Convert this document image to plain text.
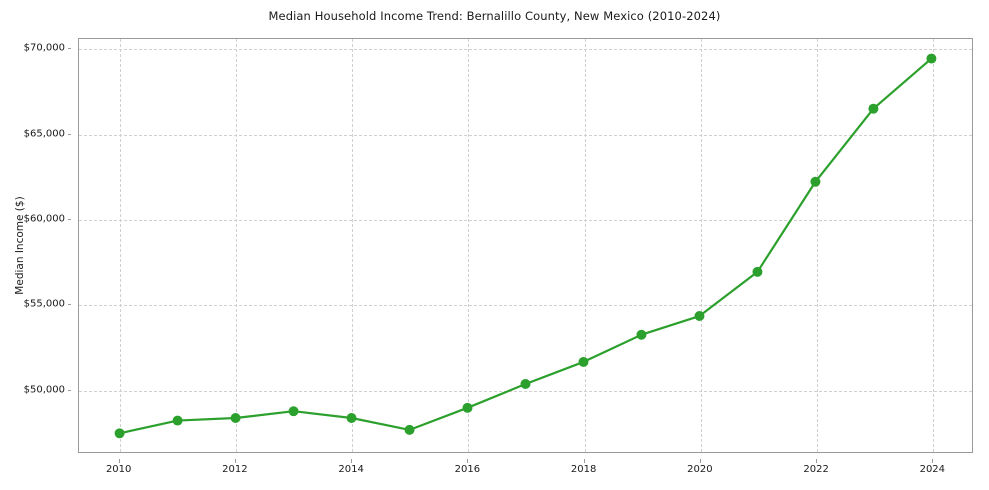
Median Household Income Trend: Bernalillo County, New Mexico (2010-2024)
Median Income ($)
$50,000
$55,000
$60,000
$65,000
$70,000
2010	2012	2014	2016	2018	2020	2022	2024
